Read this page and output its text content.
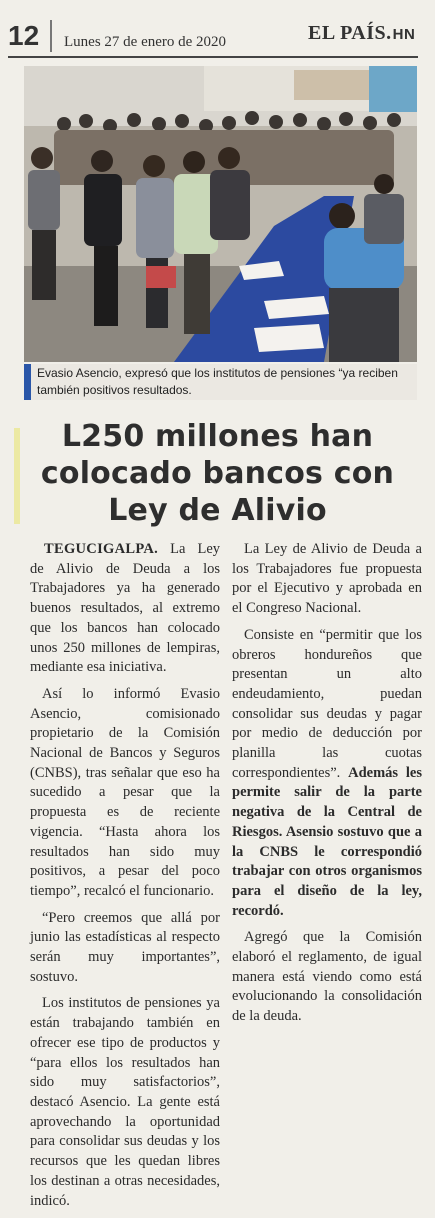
12 Lunes 27 de enero de 2020	EL PAÍS.HN
Evasio Asencio, expresó que los institutos de pensiones “ya reciben también positivos resultados.
L250 millones han colocado bancos con Ley de Alivio

TEGUCIGALPA. La Ley de Alivio de Deuda a los Trabajadores ya ha generado buenos resultados, al extremo que los bancos han colocado unos 250 millones de lempiras, mediante esa iniciativa.

Así lo informó Evasio Asencio, comisionado propietario de la Comisión Nacional de Bancos y Seguros (CNBS), tras señalar que eso ha sucedido a pesar que la propuesta es de reciente vigencia. “Hasta ahora los resultados han sido muy positivos, a pesar del poco tiempo”, recalcó el funcionario.

“Pero creemos que allá por junio las estadísticas al respecto serán muy importantes”, sostuvo.

Los institutos de pensiones ya están trabajando también en ofrecer ese tipo de productos y “para ellos los resultados han sido muy satisfactorios”, destacó Asencio. La gente está aprovechando la oportunidad para consolidar sus deudas y los recursos que les quedan libres los destinan a otras necesidades, indicó.

La Ley de Alivio de Deuda a los Trabajadores fue propuesta por el Ejecutivo y aprobada en el Congreso Nacional.

Consiste en “permitir que los obreros hondureños que presentan un alto endeudamiento, puedan consolidar sus deudas y pagar por medio de deducción por planilla las cuotas correspondientes”. Además les permite salir de la parte negativa de la Central de Riesgos. Asensio sostuvo que a la CNBS le correspondió trabajar con otros organismos para el diseño de la ley, recordó.

Agregó que la Comisión elaboró el reglamento, de igual manera está viendo como está evolucionando la consolidación de la deuda.
